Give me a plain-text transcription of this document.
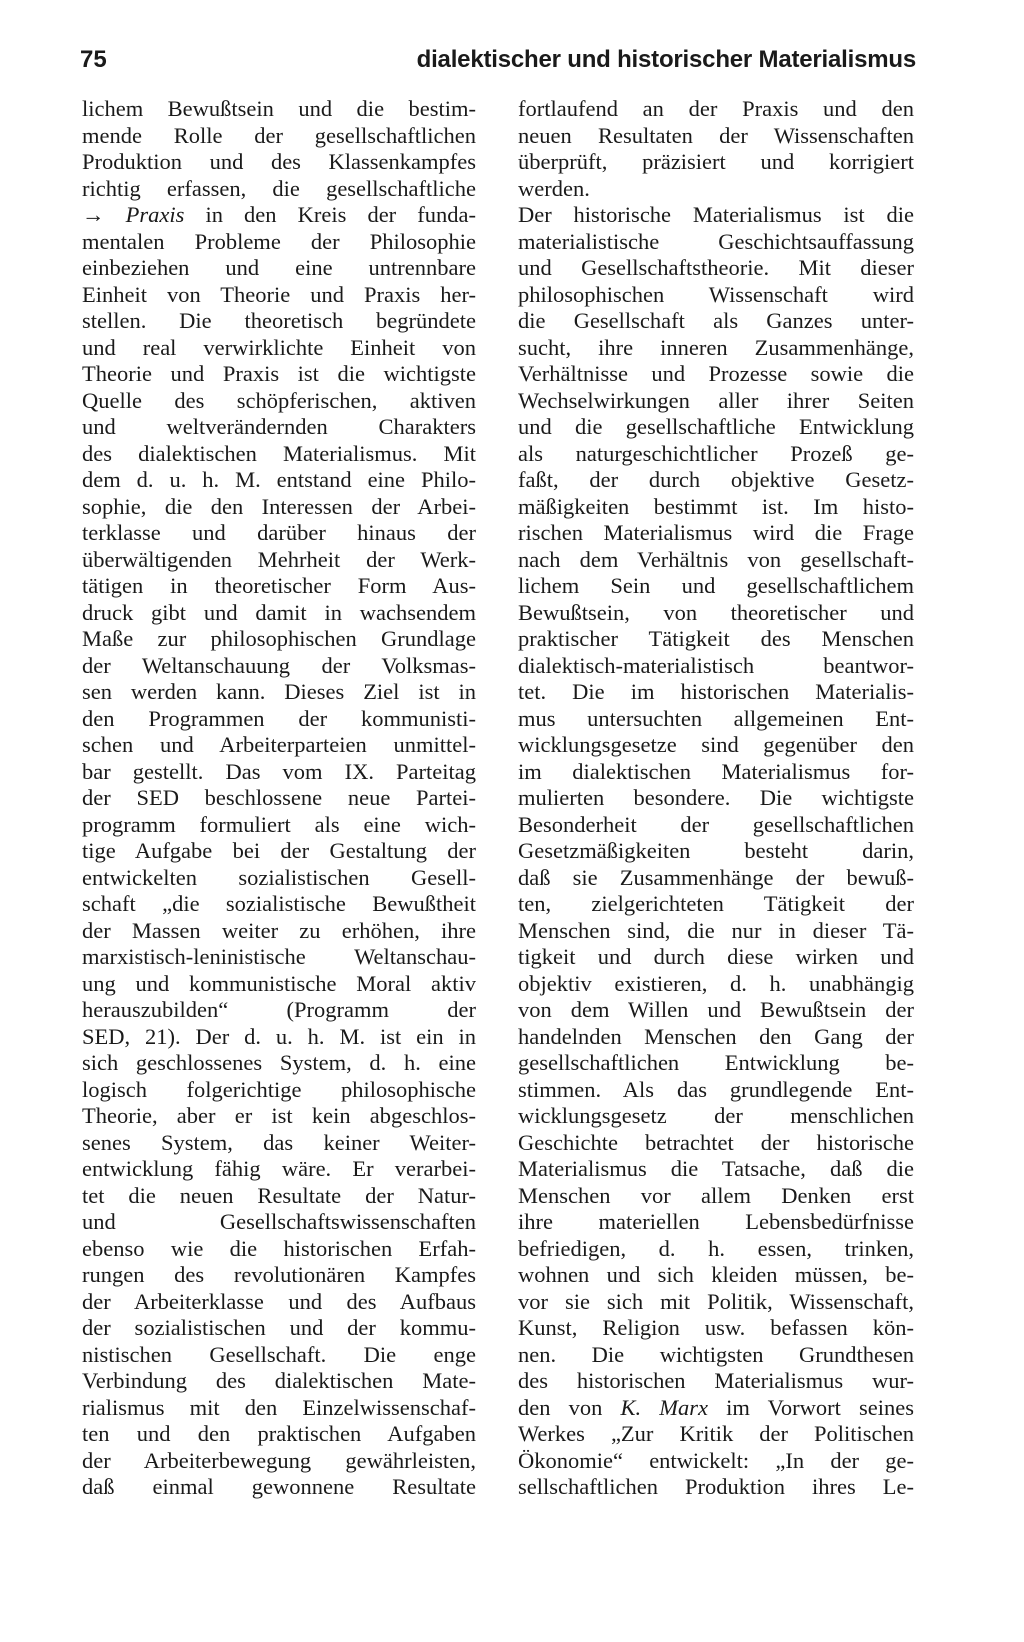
75	dialektischer und historischer Materialismus
lichem Bewußtsein und die bestim-
mende Rolle der gesellschaftlichen
Produktion und des Klassenkampfes
richtig erfassen, die gesellschaftliche
→ Praxis in den Kreis der funda-
mentalen Probleme der Philosophie
einbeziehen und eine untrennbare
Einheit von Theorie und Praxis her-
stellen. Die theoretisch begründete
und real verwirklichte Einheit von
Theorie und Praxis ist die wichtigste
Quelle des schöpferischen, aktiven
und weltverändernden Charakters
des dialektischen Materialismus. Mit
dem d. u. h. M. entstand eine Philo-
sophie, die den Interessen der Arbei-
terklasse und darüber hinaus der
überwältigenden Mehrheit der Werk-
tätigen in theoretischer Form Aus-
druck gibt und damit in wachsendem
Maße zur philosophischen Grundlage
der Weltanschauung der Volksmas-
sen werden kann. Dieses Ziel ist in
den Programmen der kommunisti-
schen und Arbeiterparteien unmittel-
bar gestellt. Das vom IX. Parteitag
der SED beschlossene neue Partei-
programm formuliert als eine wich-
tige Aufgabe bei der Gestaltung der
entwickelten sozialistischen Gesell-
schaft „die sozialistische Bewußtheit
der Massen weiter zu erhöhen, ihre
marxistisch-leninistische Weltanschau-
ung und kommunistische Moral aktiv
herauszubilden“ (Programm der
SED, 21). Der d. u. h. M. ist ein in
sich geschlossenes System, d. h. eine
logisch folgerichtige philosophische
Theorie, aber er ist kein abgeschlos-
senes System, das keiner Weiter-
entwicklung fähig wäre. Er verarbei-
tet die neuen Resultate der Natur-
und Gesellschaftswissenschaften
ebenso wie die historischen Erfah-
rungen des revolutionären Kampfes
der Arbeiterklasse und des Aufbaus
der sozialistischen und der kommu-
nistischen Gesellschaft. Die enge
Verbindung des dialektischen Mate-
rialismus mit den Einzelwissenschaf-
ten und den praktischen Aufgaben
der Arbeiterbewegung gewährleisten,
daß einmal gewonnene Resultate
fortlaufend an der Praxis und den
neuen Resultaten der Wissenschaften
überprüft, präzisiert und korrigiert
werden.
Der historische Materialismus ist die
materialistische Geschichtsauffassung
und Gesellschaftstheorie. Mit dieser
philosophischen Wissenschaft wird
die Gesellschaft als Ganzes unter-
sucht, ihre inneren Zusammenhänge,
Verhältnisse und Prozesse sowie die
Wechselwirkungen aller ihrer Seiten
und die gesellschaftliche Entwicklung
als naturgeschichtlicher Prozeß ge-
faßt, der durch objektive Gesetz-
mäßigkeiten bestimmt ist. Im histo-
rischen Materialismus wird die Frage
nach dem Verhältnis von gesellschaft-
lichem Sein und gesellschaftlichem
Bewußtsein, von theoretischer und
praktischer Tätigkeit des Menschen
dialektisch-materialistisch beantwor-
tet. Die im historischen Materialis-
mus untersuchten allgemeinen Ent-
wicklungsgesetze sind gegenüber den
im dialektischen Materialismus for-
mulierten besondere. Die wichtigste
Besonderheit der gesellschaftlichen
Gesetzmäßigkeiten besteht darin,
daß sie Zusammenhänge der bewuß-
ten, zielgerichteten Tätigkeit der
Menschen sind, die nur in dieser Tä-
tigkeit und durch diese wirken und
objektiv existieren, d. h. unabhängig
von dem Willen und Bewußtsein der
handelnden Menschen den Gang der
gesellschaftlichen Entwicklung be-
stimmen. Als das grundlegende Ent-
wicklungsgesetz der menschlichen
Geschichte betrachtet der historische
Materialismus die Tatsache, daß die
Menschen vor allem Denken erst
ihre materiellen Lebensbedürfnisse
befriedigen, d. h. essen, trinken,
wohnen und sich kleiden müssen, be-
vor sie sich mit Politik, Wissenschaft,
Kunst, Religion usw. befassen kön-
nen. Die wichtigsten Grundthesen
des historischen Materialismus wur-
den von K. Marx im Vorwort seines
Werkes „Zur Kritik der Politischen
Ökonomie“ entwickelt: „In der ge-
sellschaftlichen Produktion ihres Le-
